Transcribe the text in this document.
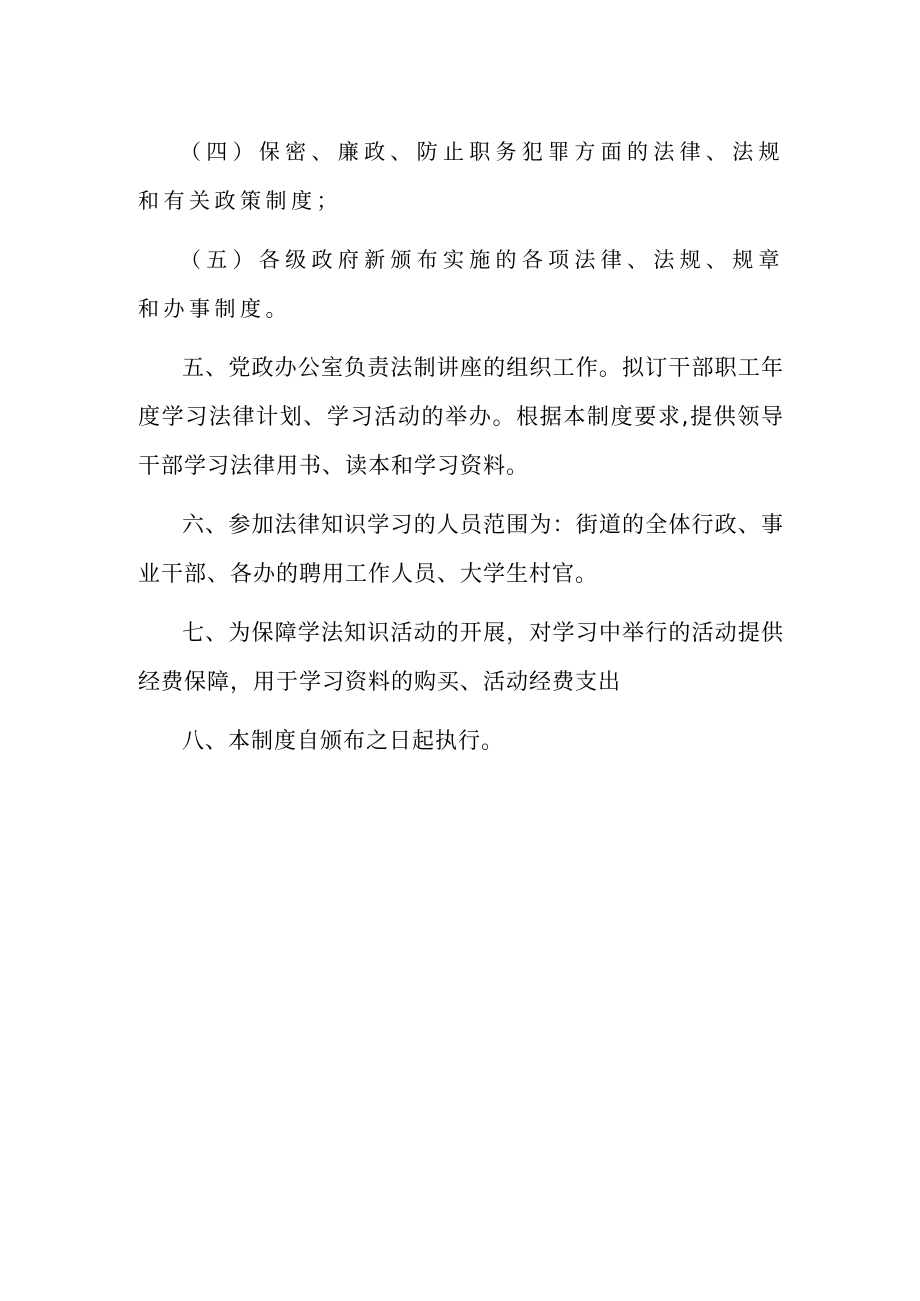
（四）保密、廉政、防止职务犯罪方面的法律、法规和有关政策制度；

（五）各级政府新颁布实施的各项法律、法规、规章和办事制度。

五、党政办公室负责法制讲座的组织工作。拟订干部职工年度学习法律计划、学习活动的举办。根据本制度要求,提供领导干部学习法律用书、读本和学习资料。

六、参加法律知识学习的人员范围为：街道的全体行政、事业干部、各办的聘用工作人员、大学生村官。

七、为保障学法知识活动的开展，对学习中举行的活动提供经费保障，用于学习资料的购买、活动经费支出

八、本制度自颁布之日起执行。
